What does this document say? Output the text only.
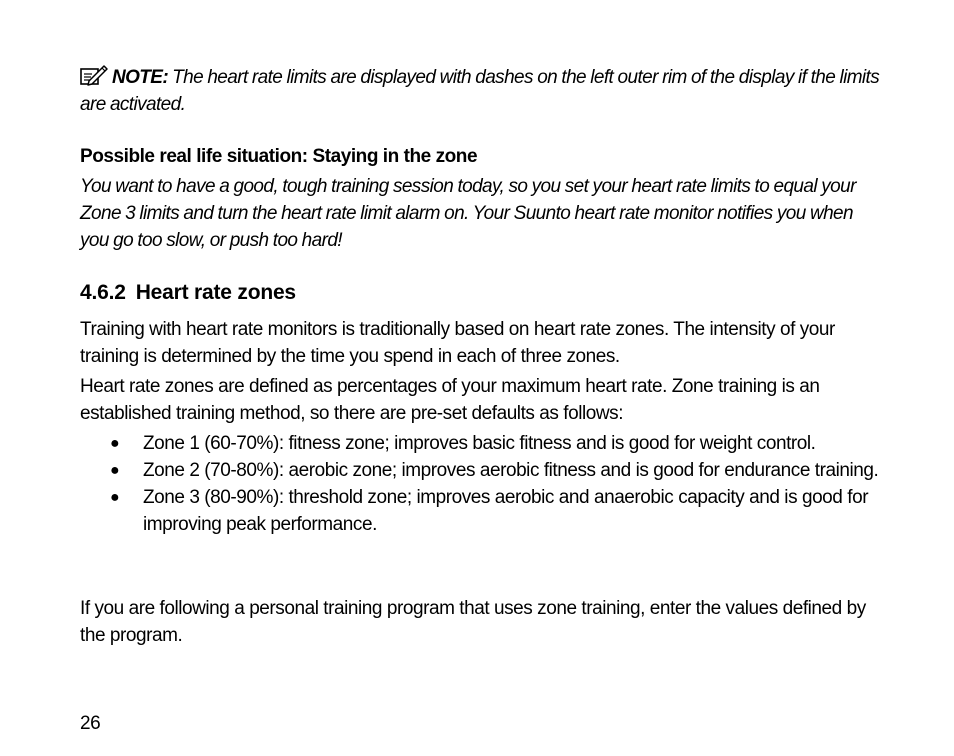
NOTE: The heart rate limits are displayed with dashes on the left outer rim of the display if the limits are activated.
Possible real life situation: Staying in the zone
You want to have a good, tough training session today, so you set your heart rate limits to equal your Zone 3 limits and turn the heart rate limit alarm on. Your Suunto heart rate monitor notifies you when you go too slow, or push too hard!
4.6.2 Heart rate zones
Training with heart rate monitors is traditionally based on heart rate zones. The intensity of your training is determined by the time you spend in each of three zones.
Heart rate zones are defined as percentages of your maximum heart rate. Zone training is an established training method, so there are pre-set defaults as follows:
● Zone 1 (60-70%): fitness zone; improves basic fitness and is good for weight control.
● Zone 2 (70-80%): aerobic zone; improves aerobic fitness and is good for endurance training.
● Zone 3 (80-90%): threshold zone; improves aerobic and anaerobic capacity and is good for improving peak performance.
If you are following a personal training program that uses zone training, enter the values defined by the program.
26
